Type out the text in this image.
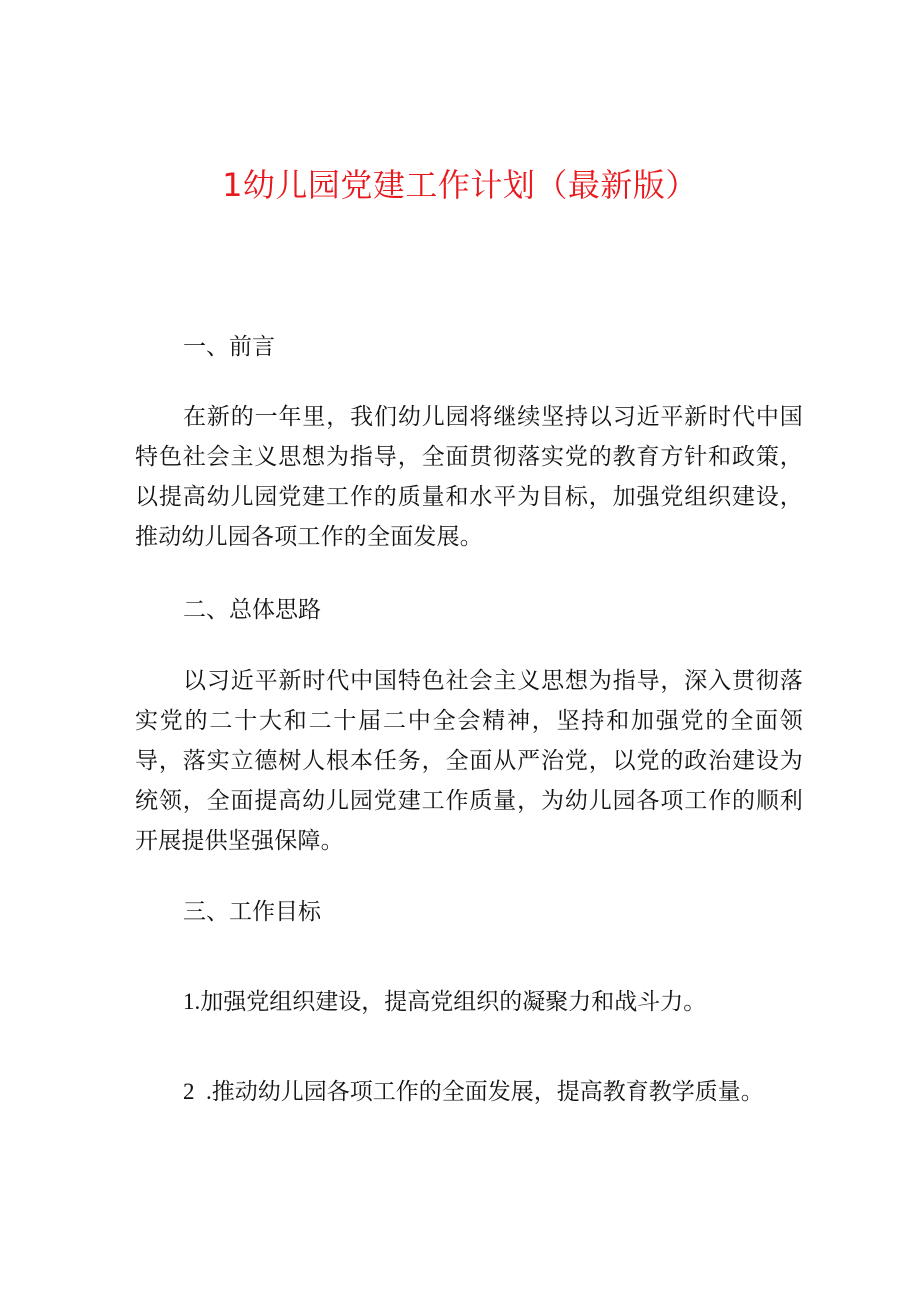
1幼儿园党建工作计划（最新版）
一、前言

在新的一年里，我们幼儿园将继续坚持以习近平新时代中国特色社会主义思想为指导，全面贯彻落实党的教育方针和政策，以提高幼儿园党建工作的质量和水平为目标，加强党组织建设，推动幼儿园各项工作的全面发展。

二、总体思路

以习近平新时代中国特色社会主义思想为指导，深入贯彻落实党的二十大和二十届二中全会精神，坚持和加强党的全面领导，落实立德树人根本任务，全面从严治党，以党的政治建设为统领，全面提高幼儿园党建工作质量，为幼儿园各项工作的顺利开展提供坚强保障。

三、工作目标
1.加强党组织建设，提高党组织的凝聚力和战斗力。
2  .推动幼儿园各项工作的全面发展，提高教育教学质量。
